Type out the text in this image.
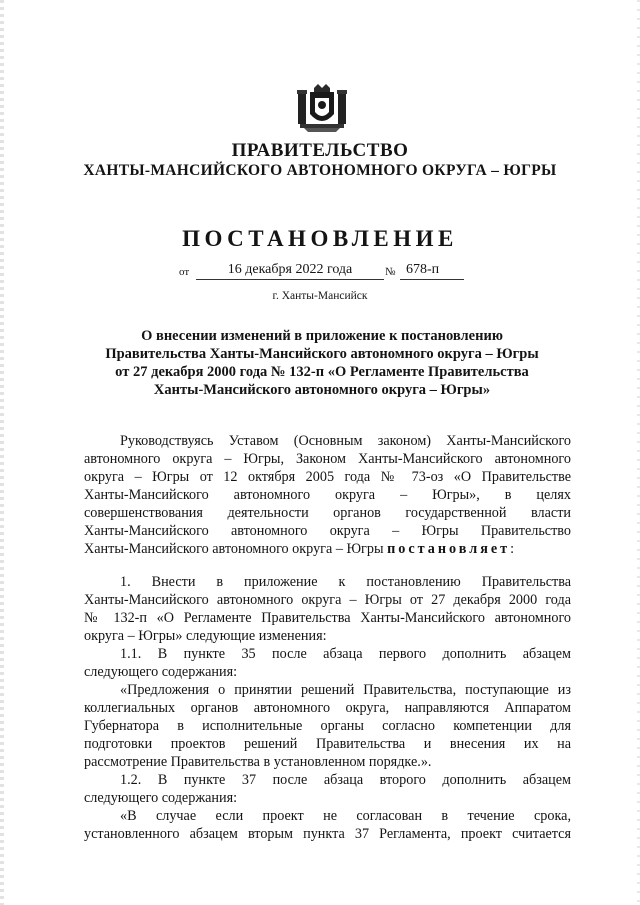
ПРАВИТЕЛЬСТВО
ХАНТЫ-МАНСИЙСКОГО АВТОНОМНОГО ОКРУГА – ЮГРЫ
ПОСТАНОВЛЕНИЕ
от	16 декабря 2022 года	№ 678-п
г. Ханты-Мансийск
О внесении изменений в приложение к постановлению
Правительства Ханты-Мансийского автономного округа – Югры
от 27 декабря 2000 года № 132-п «О Регламенте Правительства
Ханты-Мансийского автономного округа – Югры»
Руководствуясь Уставом (Основным законом) Ханты-Мансийского
автономного округа – Югры, Законом Ханты-Мансийского автономного
округа – Югры от 12 октября 2005 года № 73-оз «О Правительстве
Ханты-Мансийского автономного округа – Югры», в целях
совершенствования деятельности органов государственной власти
Ханты-Мансийского автономного округа – Югры Правительство
Ханты-Мансийского автономного округа – Югры постановляет:
1. Внести в приложение к постановлению Правительства
Ханты-Мансийского автономного округа – Югры от 27 декабря 2000 года
№ 132-п «О Регламенте Правительства Ханты-Мансийского автономного
округа – Югры» следующие изменения:
1.1. В пункте 35 после абзаца первого дополнить абзацем
следующего содержания:
«Предложения о принятии решений Правительства, поступающие из
коллегиальных органов автономного округа, направляются Аппаратом
Губернатора в исполнительные органы согласно компетенции для
подготовки проектов решений Правительства и внесения их на
рассмотрение Правительства в установленном порядке.».
1.2. В пункте 37 после абзаца второго дополнить абзацем
следующего содержания:
«В случае если проект не согласован в течение срока,
установленного абзацем вторым пункта 37 Регламента, проект считается
